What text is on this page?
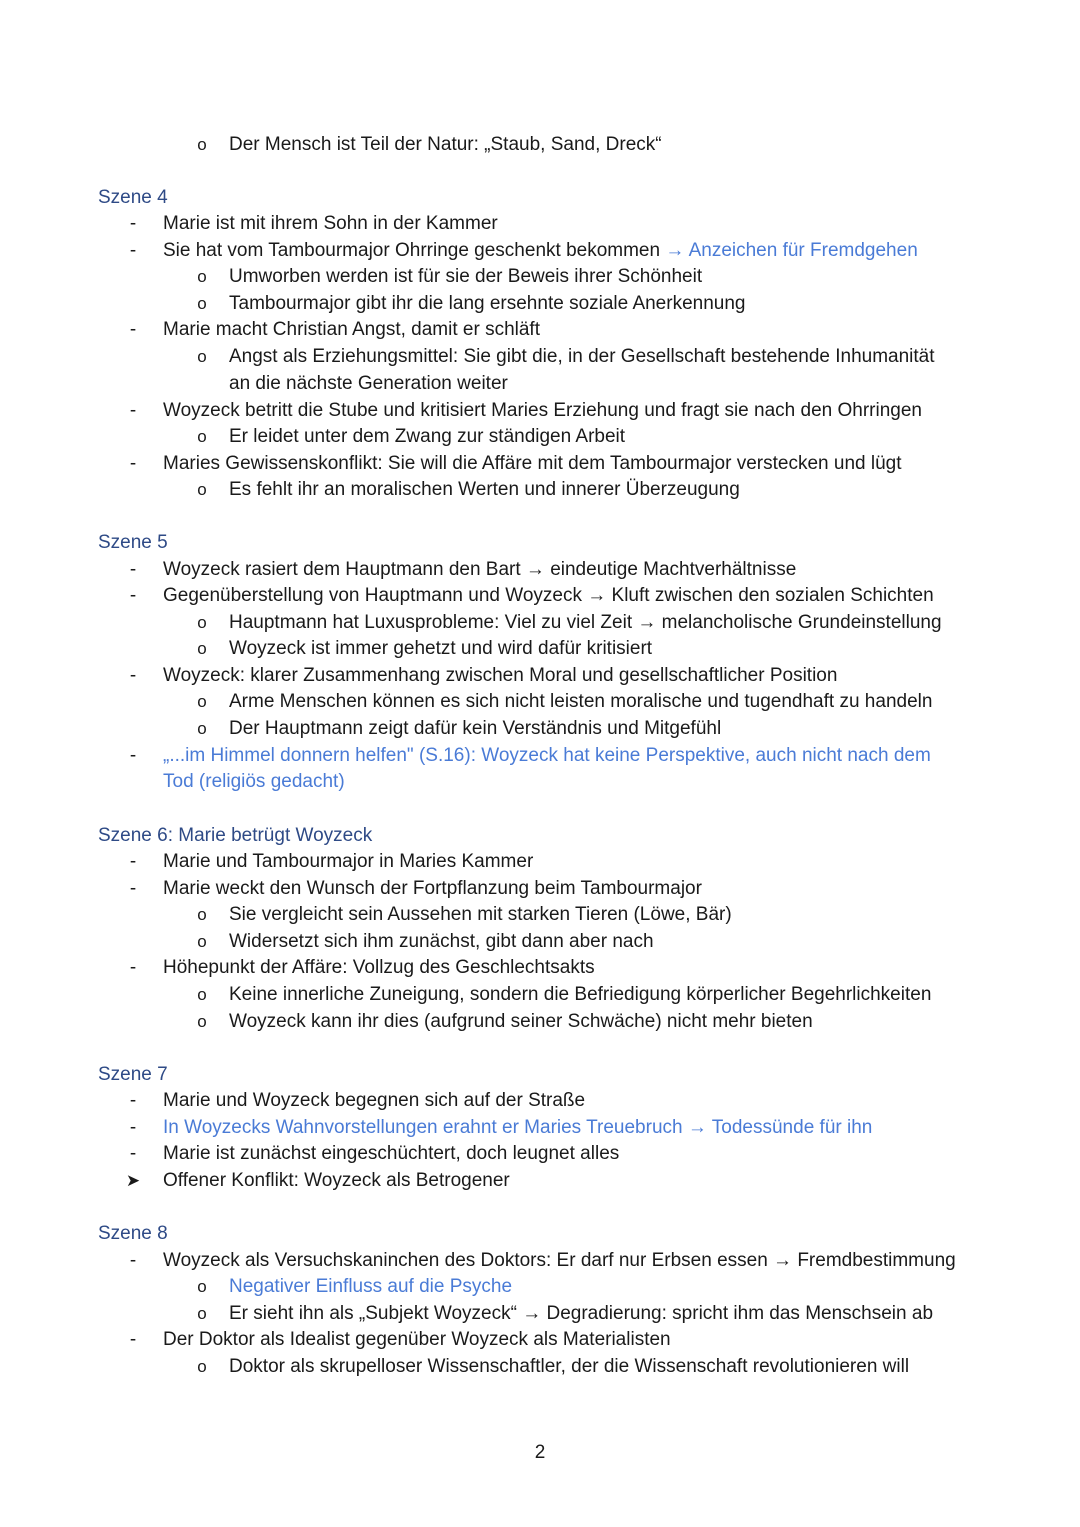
o Der Mensch ist Teil der Natur: „Staub, Sand, Dreck“
Szene 4
-	Marie ist mit ihrem Sohn in der Kammer
-	Sie hat vom Tambourmajor Ohrringe geschenkt bekommen → Anzeichen für Fremdgehen
o Umworben werden ist für sie der Beweis ihrer Schönheit
o Tambourmajor gibt ihr die lang ersehnte soziale Anerkennung
-	Marie macht Christian Angst, damit er schläft
o Angst als Erziehungsmittel: Sie gibt die, in der Gesellschaft bestehende Inhumanität
an die nächste Generation weiter
-	Woyzeck betritt die Stube und kritisiert Maries Erziehung und fragt sie nach den Ohrringen
o Er leidet unter dem Zwang zur ständigen Arbeit
-	Maries Gewissenskonflikt: Sie will die Affäre mit dem Tambourmajor verstecken und lügt
o Es fehlt ihr an moralischen Werten und innerer Überzeugung
Szene 5
-	Woyzeck rasiert dem Hauptmann den Bart → eindeutige Machtverhältnisse
-	Gegenüberstellung von Hauptmann und Woyzeck → Kluft zwischen den sozialen Schichten
o Hauptmann hat Luxusprobleme: Viel zu viel Zeit → melancholische Grundeinstellung
o Woyzeck ist immer gehetzt und wird dafür kritisiert
-	Woyzeck: klarer Zusammenhang zwischen Moral und gesellschaftlicher Position
o Arme Menschen können es sich nicht leisten moralische und tugendhaft zu handeln
o Der Hauptmann zeigt dafür kein Verständnis und Mitgefühl
-	„...im Himmel donnern helfen" (S.16): Woyzeck hat keine Perspektive, auch nicht nach dem
Tod (religiös gedacht)
Szene 6: Marie betrügt Woyzeck
-	Marie und Tambourmajor in Maries Kammer
-	Marie weckt den Wunsch der Fortpflanzung beim Tambourmajor
o Sie vergleicht sein Aussehen mit starken Tieren (Löwe, Bär)
o Widersetzt sich ihm zunächst, gibt dann aber nach
-	Höhepunkt der Affäre: Vollzug des Geschlechtsakts
o Keine innerliche Zuneigung, sondern die Befriedigung körperlicher Begehrlichkeiten
o Woyzeck kann ihr dies (aufgrund seiner Schwäche) nicht mehr bieten
Szene 7
-	Marie und Woyzeck begegnen sich auf der Straße
-	In Woyzecks Wahnvorstellungen erahnt er Maries Treuebruch → Todessünde für ihn
-	Marie ist zunächst eingeschüchtert, doch leugnet alles
➤ Offener Konflikt: Woyzeck als Betrogener
Szene 8
-	Woyzeck als Versuchskaninchen des Doktors: Er darf nur Erbsen essen → Fremdbestimmung
o Negativer Einfluss auf die Psyche
o Er sieht ihn als „Subjekt Woyzeck“ → Degradierung: spricht ihm das Menschsein ab
-	Der Doktor als Idealist gegenüber Woyzeck als Materialisten
o Doktor als skrupelloser Wissenschaftler, der die Wissenschaft revolutionieren will
2
